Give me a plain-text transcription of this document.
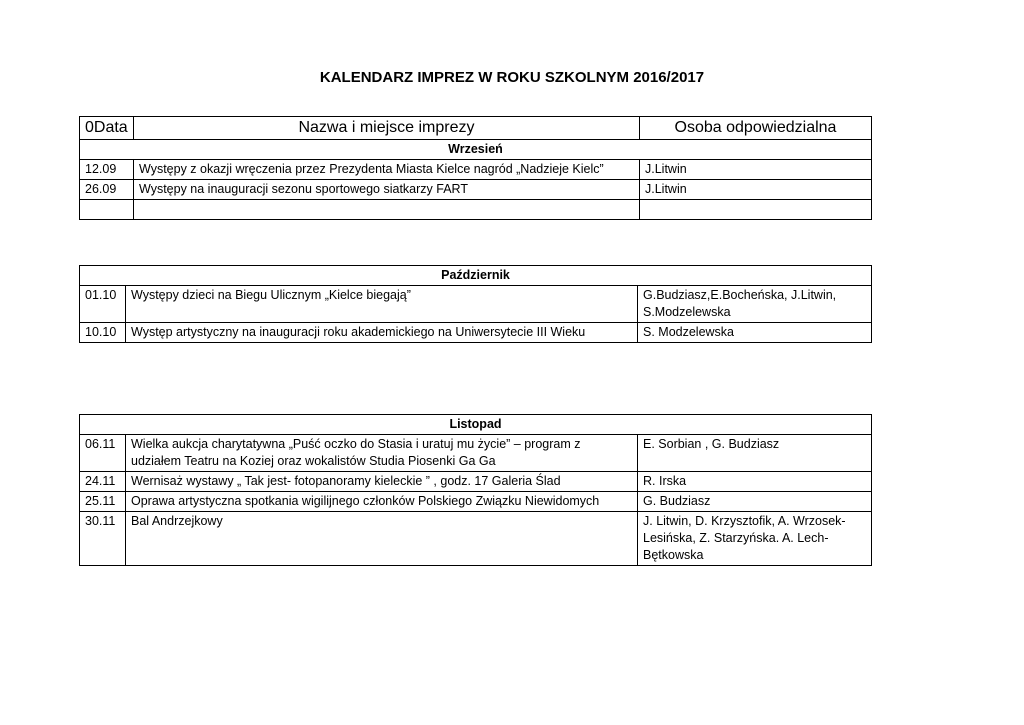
KALENDARZ IMPREZ W ROKU SZKOLNYM 2016/2017
0Data	Nazwa i miejsce imprezy	Osoba odpowiedzialna
Wrzesień		
12.09	Występy z okazji wręczenia przez Prezydenta Miasta Kielce nagród „Nadzieje Kielc”	J.Litwin
26.09	Występy na inauguracji sezonu sportowego siatkarzy FART	J.Litwin

Październik		
01.10	Występy dzieci na Biegu Ulicznym „Kielce biegają”	G.Budziasz,E.Bocheńska, J.Litwin, S.Modzelewska
10.10	Występ artystyczny na inauguracji roku akademickiego na Uniwersytecie III Wieku	S. Modzelewska
Listopad		
06.11	Wielka aukcja charytatywna „Puść oczko do Stasia i uratuj mu życie” – program z udziałem Teatru na Koziej oraz wokalistów Studia Piosenki Ga Ga	E. Sorbian , G. Budziasz
24.11	Wernisaż wystawy „ Tak jest- fotopanoramy kieleckie ” , godz. 17 Galeria Ślad	R. Irska
25.11	Oprawa artystyczna spotkania wigilijnego członków Polskiego Związku Niewidomych	G. Budziasz
30.11	Bal Andrzejkowy	J. Litwin, D. Krzysztofik, A. Wrzosek-Lesińska, Z. Starzyńska. A. Lech-Bętkowska
